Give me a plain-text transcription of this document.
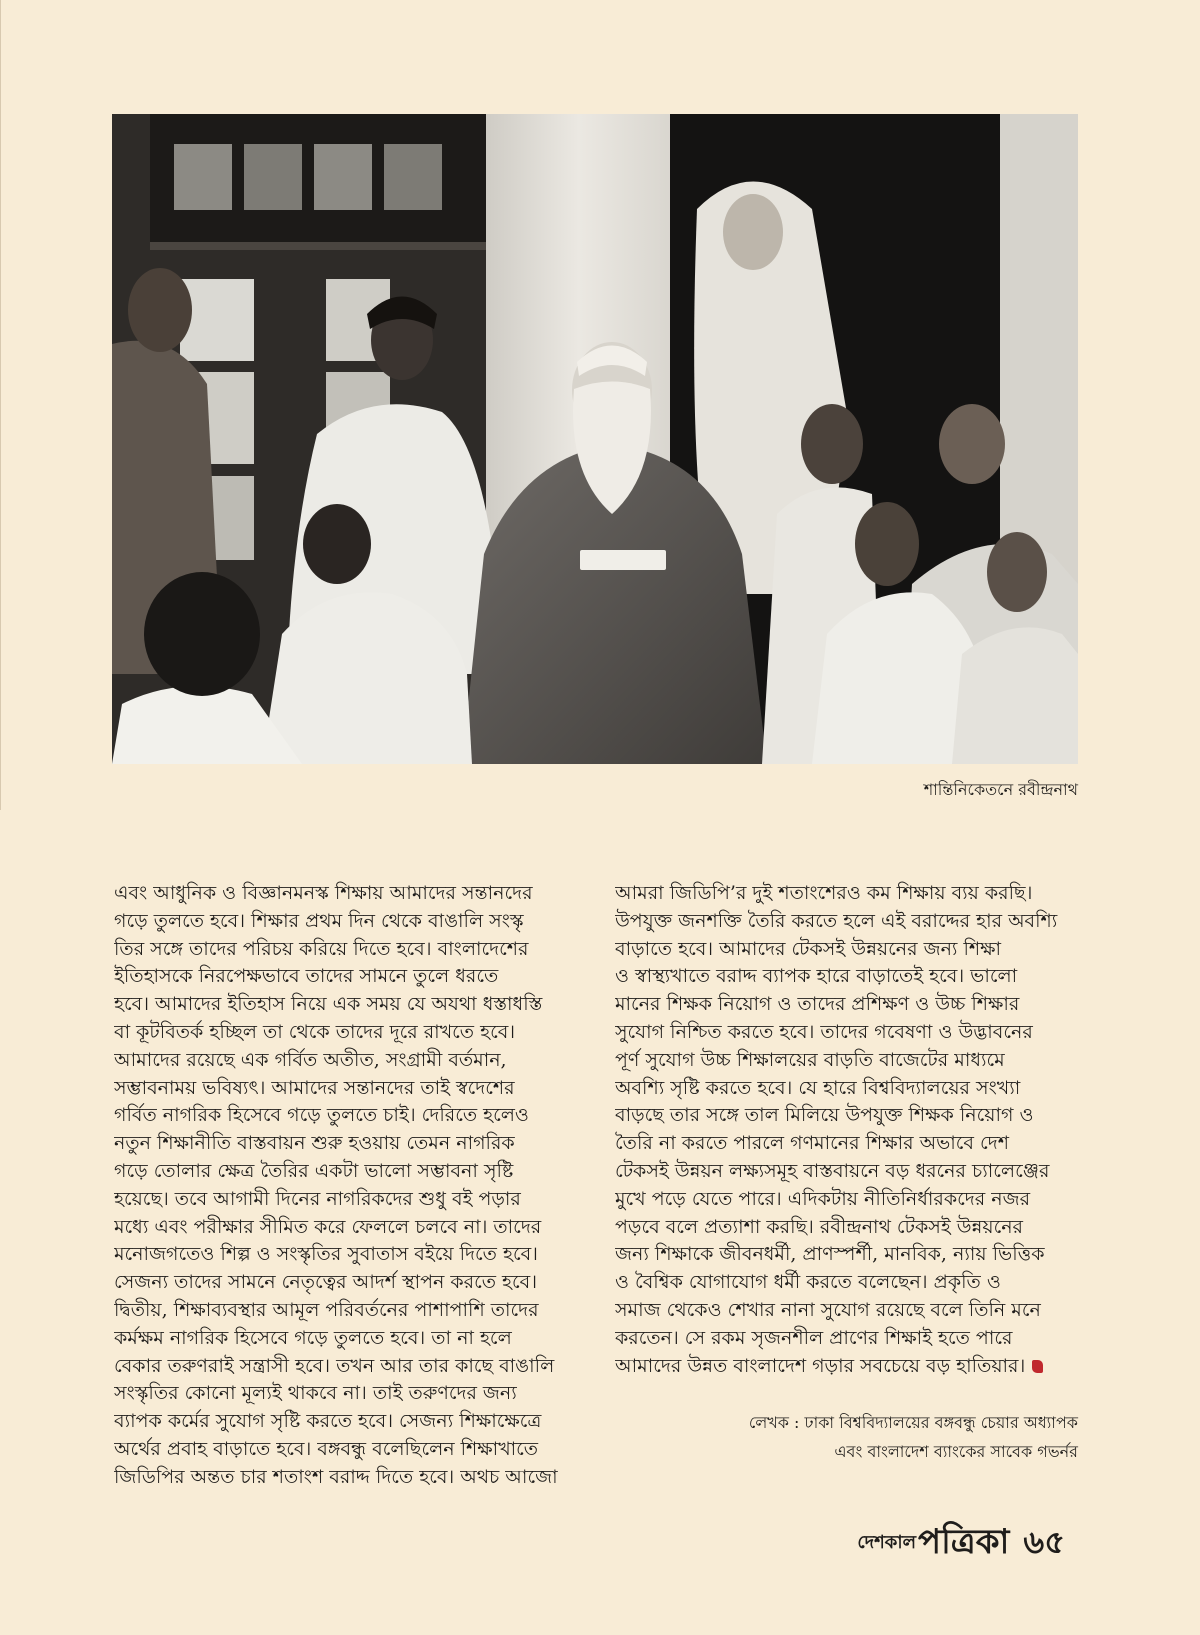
শান্তিনিকেতনে রবীন্দ্রনাথ
এবং আধুনিক ও বিজ্ঞানমনস্ক শিক্ষায় আমাদের সন্তানদের
গড়ে তুলতে হবে। শিক্ষার প্রথম দিন থেকে বাঙালি সংস্কৃ
তির সঙ্গে তাদের পরিচয় করিয়ে দিতে হবে। বাংলাদেশের
ইতিহাসকে নিরপেক্ষভাবে তাদের সামনে তুলে ধরতে
হবে। আমাদের ইতিহাস নিয়ে এক সময় যে অযথা ধস্তাধস্তি
বা কূটবিতর্ক হচ্ছিল তা থেকে তাদের দূরে রাখতে হবে।
আমাদের রয়েছে এক গর্বিত অতীত, সংগ্রামী বর্তমান,
সম্ভাবনাময় ভবিষ্যৎ। আমাদের সন্তানদের তাই স্বদেশের
গর্বিত নাগরিক হিসেবে গড়ে তুলতে চাই। দেরিতে হলেও
নতুন শিক্ষানীতি বাস্তবায়ন শুরু হওয়ায় তেমন নাগরিক
গড়ে তোলার ক্ষেত্র তৈরির একটা ভালো সম্ভাবনা সৃষ্টি
হয়েছে। তবে আগামী দিনের নাগরিকদের শুধু বই পড়ার
মধ্যে এবং পরীক্ষার সীমিত করে ফেললে চলবে না। তাদের
মনোজগতেও শিল্প ও সংস্কৃতির সুবাতাস বইয়ে দিতে হবে।
সেজন্য তাদের সামনে নেতৃত্বের আদর্শ স্থাপন করতে হবে।
দ্বিতীয়, শিক্ষাব্যবস্থার আমূল পরিবর্তনের পাশাপাশি তাদের
কর্মক্ষম নাগরিক হিসেবে গড়ে তুলতে হবে। তা না হলে
বেকার তরুণরাই সন্ত্রাসী হবে। তখন আর তার কাছে বাঙালি
সংস্কৃতির কোনো মূল্যই থাকবে না। তাই তরুণদের জন্য
ব্যাপক কর্মের সুযোগ সৃষ্টি করতে হবে। সেজন্য শিক্ষাক্ষেত্রে
অর্থের প্রবাহ বাড়াতে হবে। বঙ্গবন্ধু বলেছিলেন শিক্ষাখাতে
জিডিপির অন্তত চার শতাংশ বরাদ্দ দিতে হবে। অথচ আজো
আমরা জিডিপি’র দুই শতাংশেরও কম শিক্ষায় ব্যয় করছি।
উপযুক্ত জনশক্তি তৈরি করতে হলে এই বরাদ্দের হার অবশ্যি
বাড়াতে হবে। আমাদের টেকসই উন্নয়নের জন্য শিক্ষা
ও স্বাস্থ্যখাতে বরাদ্দ ব্যাপক হারে বাড়াতেই হবে। ভালো
মানের শিক্ষক নিয়োগ ও তাদের প্রশিক্ষণ ও উচ্চ শিক্ষার
সুযোগ নিশ্চিত করতে হবে। তাদের গবেষণা ও উদ্ভাবনের
পূর্ণ সুযোগ উচ্চ শিক্ষালয়ের বাড়তি বাজেটের মাধ্যমে
অবশ্যি সৃষ্টি করতে হবে। যে হারে বিশ্ববিদ্যালয়ের সংখ্যা
বাড়ছে তার সঙ্গে তাল মিলিয়ে উপযুক্ত শিক্ষক নিয়োগ ও
তৈরি না করতে পারলে গণমানের শিক্ষার অভাবে দেশ
টেকসই উন্নয়ন লক্ষ্যসমূহ বাস্তবায়নে বড় ধরনের চ্যালেঞ্জের
মুখে পড়ে যেতে পারে। এদিকটায় নীতিনির্ধারকদের নজর
পড়বে বলে প্রত্যাশা করছি। রবীন্দ্রনাথ টেকসই উন্নয়নের
জন্য শিক্ষাকে জীবনধর্মী, প্রাণস্পর্শী, মানবিক, ন্যায় ভিত্তিক
ও বৈশ্বিক যোগাযোগ ধর্মী করতে বলেছেন। প্রকৃতি ও
সমাজ থেকেও শেখার নানা সুযোগ রয়েছে বলে তিনি মনে
করতেন। সে রকম সৃজনশীল প্রাণের শিক্ষাই হতে পারে
আমাদের উন্নত বাংলাদেশ গড়ার সবচেয়ে বড় হাতিয়ার।
লেখক : ঢাকা বিশ্ববিদ্যালয়ের বঙ্গবন্ধু চেয়ার অধ্যাপক
এবং বাংলাদেশ ব্যাংকের সাবেক গভর্নর
দেশকাল পত্রিকা ৬৫
